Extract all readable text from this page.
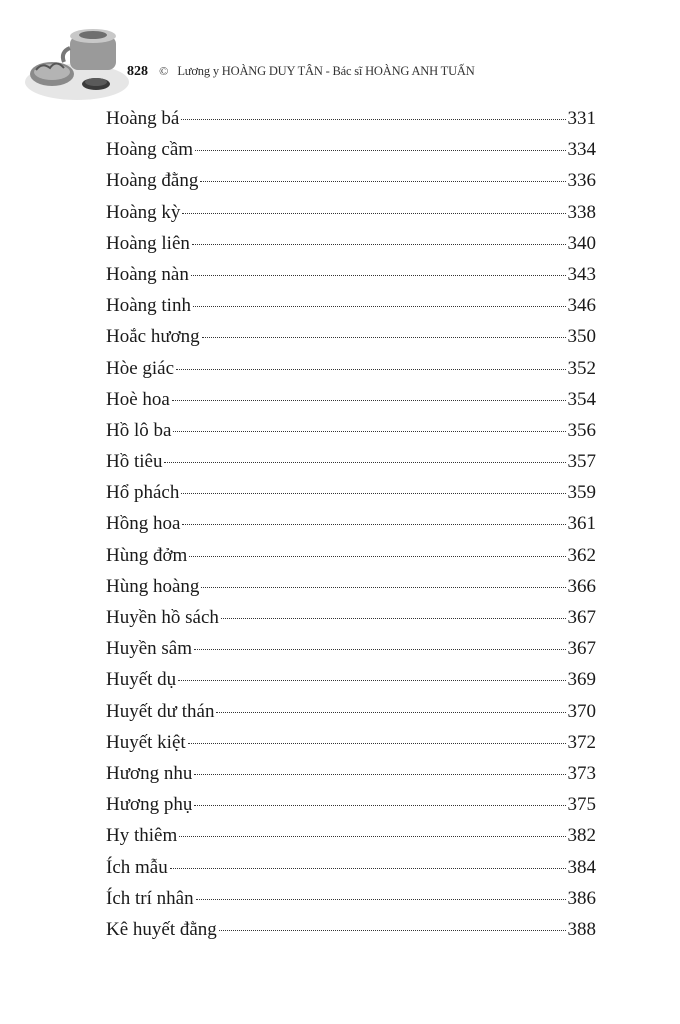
828 © Lương y HOÀNG DUY TÂN - Bác sĩ HOÀNG ANH TUẤN
Hoàng bá	331
Hoàng cầm	334
Hoàng đằng	336
Hoàng kỳ	338
Hoàng liên	340
Hoàng nàn	343
Hoàng tinh	346
Hoắc hương	350
Hòe giác	352
Hoè hoa	354
Hồ lô ba	356
Hồ tiêu	357
Hổ phách	359
Hồng hoa	361
Hùng đởm	362
Hùng hoàng	366
Huyền hồ sách	367
Huyền sâm	367
Huyết dụ	369
Huyết dư thán	370
Huyết kiệt	372
Hương nhu	373
Hương phụ	375
Hy thiêm	382
Ích mẫu	384
Ích trí nhân	386
Kê huyết đằng	388
